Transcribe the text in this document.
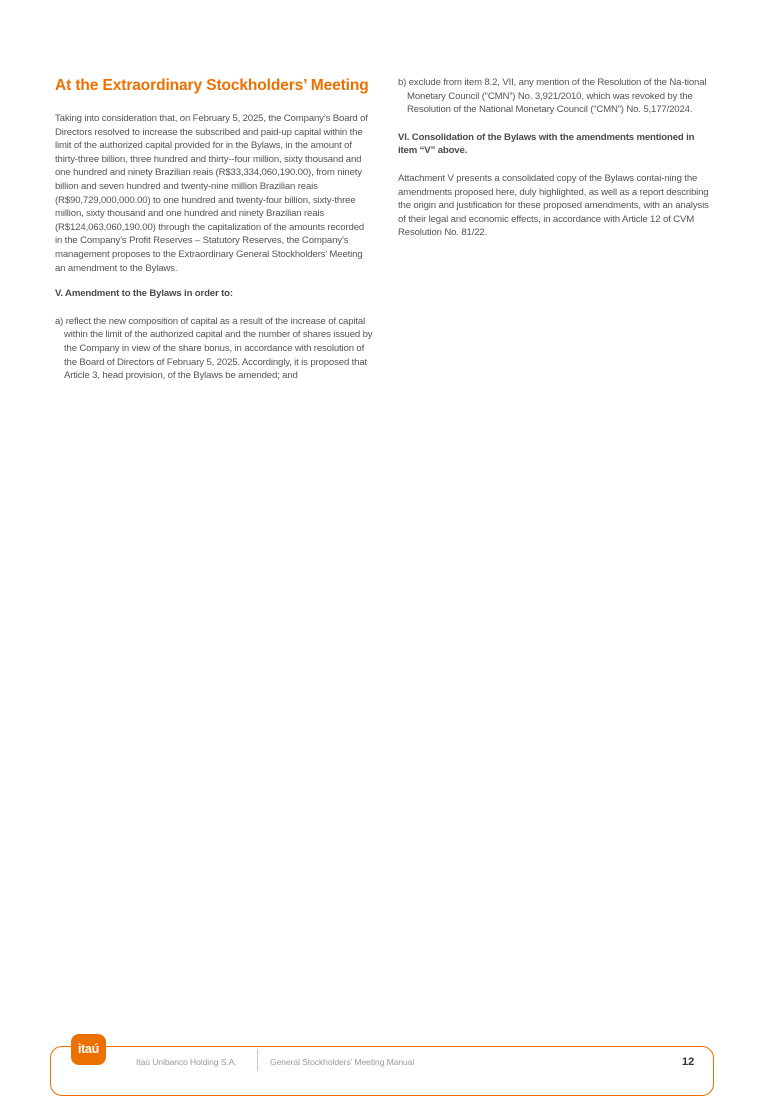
At the Extraordinary Stockholders’ Meeting

Taking into consideration that, on February 5, 2025, the Company’s Board of Directors resolved to increase the subscribed and paid-up capital within the limit of the authorized capital provided for in the Bylaws, in the amount of thirty-three billion, three hundred and thirty--four million, sixty thousand and one hundred and ninety Brazilian reais (R$33,334,060,190.00), from ninety billion and seven hundred and twenty-nine million Brazilian reais (R$90,729,000,000.00) to one hundred and twenty-four billion, sixty-three million, sixty thousand and one hundred and ninety Brazilian reais (R$124,063,060,190.00) through the capitalization of the amounts recorded in the Company’s Profit Reserves – Statutory Reserves, the Company’s management proposes to the Extraordinary General Stockholders’ Meeting an amendment to the Bylaws.

V. Amendment to the Bylaws in order to:

a) reflect the new composition of capital as a result of the increase of capital within the limit of the authorized capital and the number of shares issued by the Company in view of the share bonus, in accordance with resolution of the Board of Directors of February 5, 2025. Accordingly, it is proposed that Article 3, head provision, of the Bylaws be amended; and

b) exclude from item 8.2, VII, any mention of the Resolution of the Na-tional Monetary Council (“CMN”) No. 3,921/2010, which was revoked by the Resolution of the National Monetary Council (“CMN”) No. 5,177/2024.

VI. Consolidation of the Bylaws with the amendments mentioned in item “V” above.

Attachment V presents a consolidated copy of the Bylaws contai-ning the amendments proposed here, duly highlighted, as well as a report describing the origin and justification for these proposed amendments, with an analysis of their legal and economic effects, in accordance with Article 12 of CVM Resolution No. 81/22.

itaú
Itaú Unibanco Holding S.A.	General Stockholders’ Meeting Manual	12
